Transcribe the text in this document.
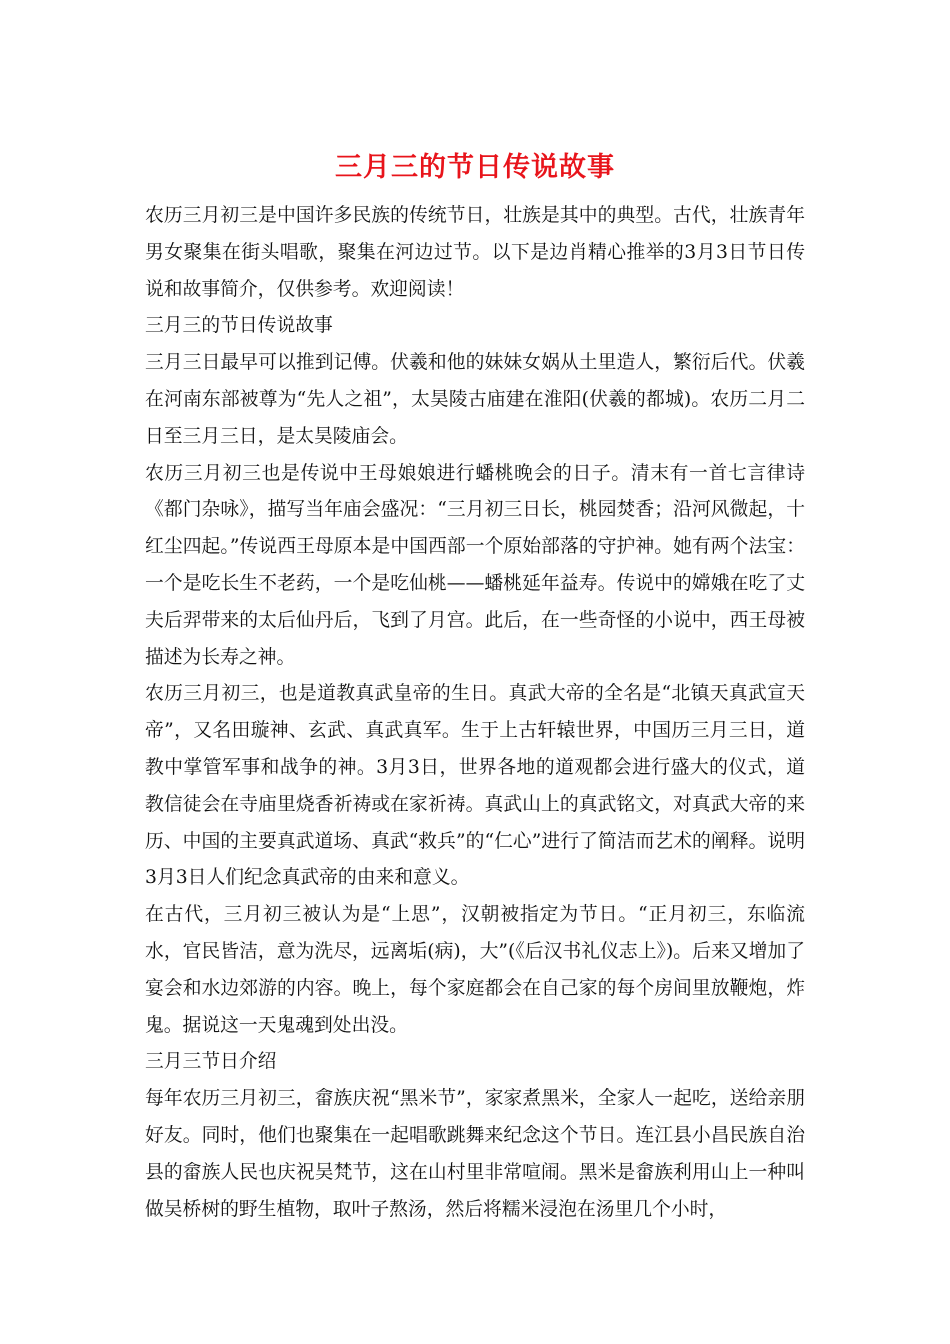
三月三的节日传说故事

农历三月初三是中国许多民族的传统节日，壮族是其中的典型。古代，壮族青年男女聚集在街头唱歌，聚集在河边过节。以下是边肖精心推举的3月3日节日传说和故事简介，仅供参考。欢迎阅读！

三月三的节日传说故事

三月三日最早可以推到记傅。伏羲和他的妹妹女娲从土里造人，繁衍后代。伏羲在河南东部被尊为“先人之祖”，太昊陵古庙建在淮阳(伏羲的都城)。农历二月二日至三月三日，是太昊陵庙会。

农历三月初三也是传说中王母娘娘进行蟠桃晚会的日子。清末有一首七言律诗《都门杂咏》，描写当年庙会盛况：“三月初三日长，桃园焚香；沿河风微起，十红尘四起。”传说西王母原本是中国西部一个原始部落的守护神。她有两个法宝：一个是吃长生不老药，一个是吃仙桃——蟠桃延年益寿。传说中的嫦娥在吃了丈夫后羿带来的太后仙丹后，飞到了月宫。此后，在一些奇怪的小说中，西王母被描述为长寿之神。

农历三月初三，也是道教真武皇帝的生日。真武大帝的全名是“北镇天真武宣天帝”，又名田璇神、玄武、真武真军。生于上古轩辕世界，中国历三月三日，道教中掌管军事和战争的神。3月3日，世界各地的道观都会进行盛大的仪式，道教信徒会在寺庙里烧香祈祷或在家祈祷。真武山上的真武铭文，对真武大帝的来历、中国的主要真武道场、真武“救兵”的“仁心”进行了简洁而艺术的阐释。说明3月3日人们纪念真武帝的由来和意义。

在古代，三月初三被认为是“上思”，汉朝被指定为节日。“正月初三，东临流水，官民皆洁，意为洗尽，远离垢(病)，大”(《后汉书礼仪志上》)。后来又增加了宴会和水边郊游的内容。晚上，每个家庭都会在自己家的每个房间里放鞭炮，炸鬼。据说这一天鬼魂到处出没。

三月三节日介绍

每年农历三月初三，畲族庆祝“黑米节”，家家煮黑米，全家人一起吃，送给亲朋好友。同时，他们也聚集在一起唱歌跳舞来纪念这个节日。连江县小昌民族自治县的畲族人民也庆祝吴梵节，这在山村里非常喧闹。黑米是畲族利用山上一种叫做吴桥树的野生植物，取叶子熬汤，然后将糯米浸泡在汤里几个小时，
